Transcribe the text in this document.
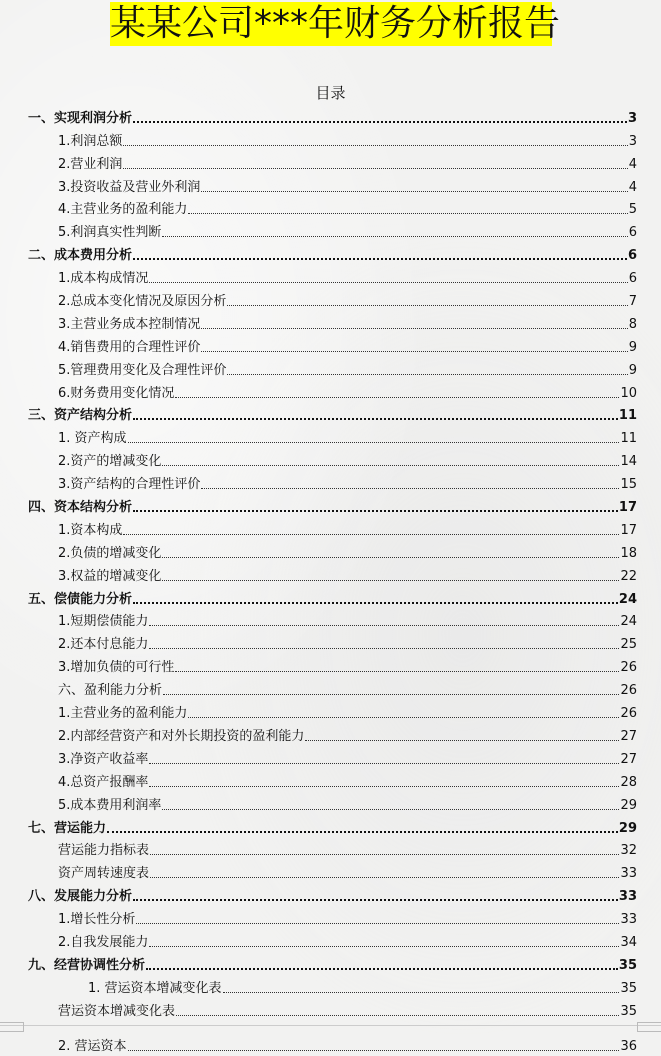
某某公司***年财务分析报告
目录
一、实现利润分析	3
1.利润总额	3
2.营业利润	4
3.投资收益及营业外利润	4
4.主营业务的盈利能力	5
5.利润真实性判断	6
二、成本费用分析	6
1.成本构成情况	6
2.总成本变化情况及原因分析	7
3.主营业务成本控制情况	8
4.销售费用的合理性评价	9
5.管理费用变化及合理性评价	9
6.财务费用变化情况	10
三、资产结构分析	11
1. 资产构成	11
2.资产的增减变化	14
3.资产结构的合理性评价	15
四、资本结构分析	17
1.资本构成	17
2.负债的增减变化	18
3.权益的增减变化	22
五、偿债能力分析	24
1.短期偿债能力	24
2.还本付息能力	25
3.增加负债的可行性	26
六、盈利能力分析	26
1.主营业务的盈利能力	26
2.内部经营资产和对外长期投资的盈利能力	27
3.净资产收益率	27
4.总资产报酬率	28
5.成本费用利润率	29
七、营运能力	29
营运能力指标表	32
资产周转速度表	33
八、发展能力分析	33
1.增长性分析	33
2.自我发展能力	34
九、经营协调性分析	35
1. 营运资本增减变化表	35
营运资本增减变化表	35
2. 营运资本	36
